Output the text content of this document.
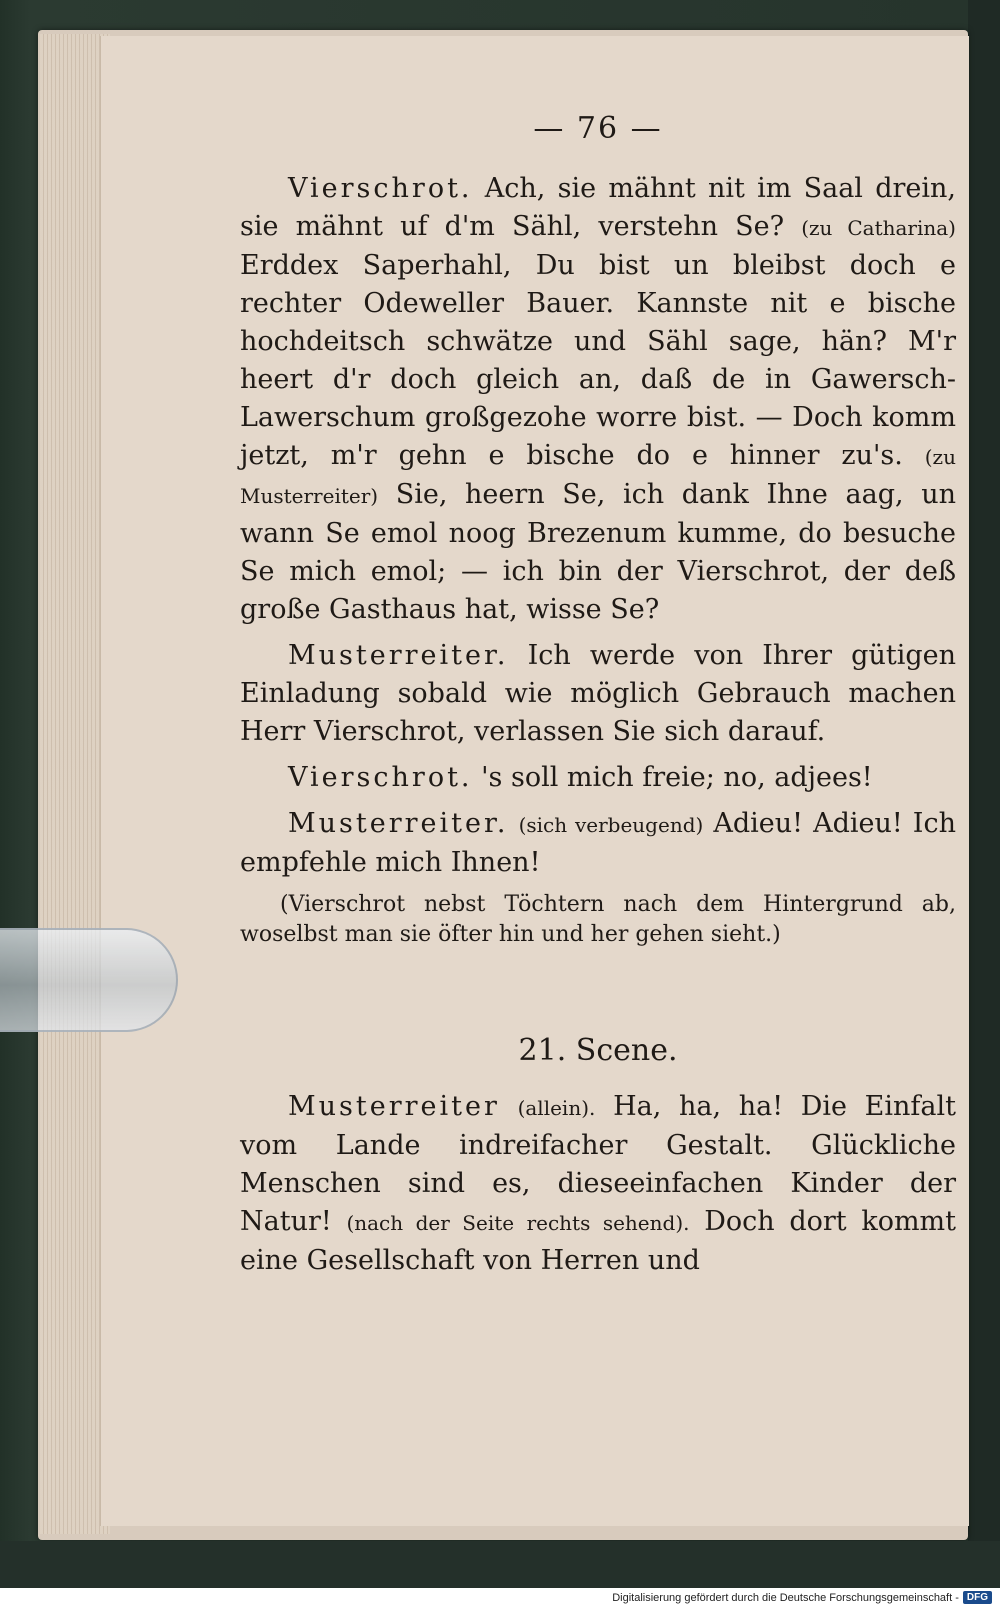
— 76 —

Vierschrot. Ach, sie mähnt nit im Saal drein, sie mähnt uf d'm Sähl, verstehn Se? (zu Catharina) Erddex Saperhahl, Du bist un bleibst doch e rechter Odeweller Bauer. Kannste nit e bische hochdeitsch schwätze und Sähl sage, hän? M'r heert d'r doch gleich an, daß de in Gawersch-Lawerschum großgezohe worre bist. — Doch komm jetzt, m'r gehn e bische do e hinner zu's. (zu Musterreiter) Sie, heern Se, ich dank Ihne aag, un wann Se emol noog Brezenum kumme, do besuche Se mich emol; — ich bin der Vierschrot, der deß große Gasthaus hat, wisse Se?

Musterreiter. Ich werde von Ihrer gütigen Einladung sobald wie möglich Gebrauch machen Herr Vierschrot, verlassen Sie sich darauf.

Vierschrot. 's soll mich freie; no, adjees!

Musterreiter. (sich verbeugend) Adieu! Adieu! Ich empfehle mich Ihnen!

(Vierschrot nebst Töchtern nach dem Hintergrund ab, woselbst man sie öfter hin und her gehen sieht.)

21. Scene.

Musterreiter (allein). Ha, ha, ha! Die Einfalt vom Lande indreifacher Gestalt. Glückliche Menschen sind es, dieseeinfachen Kinder der Natur! (nach der Seite rechts sehend). Doch dort kommt eine Gesellschaft von Herren und

Digitalisierung gefördert durch die Deutsche Forschungsgemeinschaft - DFG
